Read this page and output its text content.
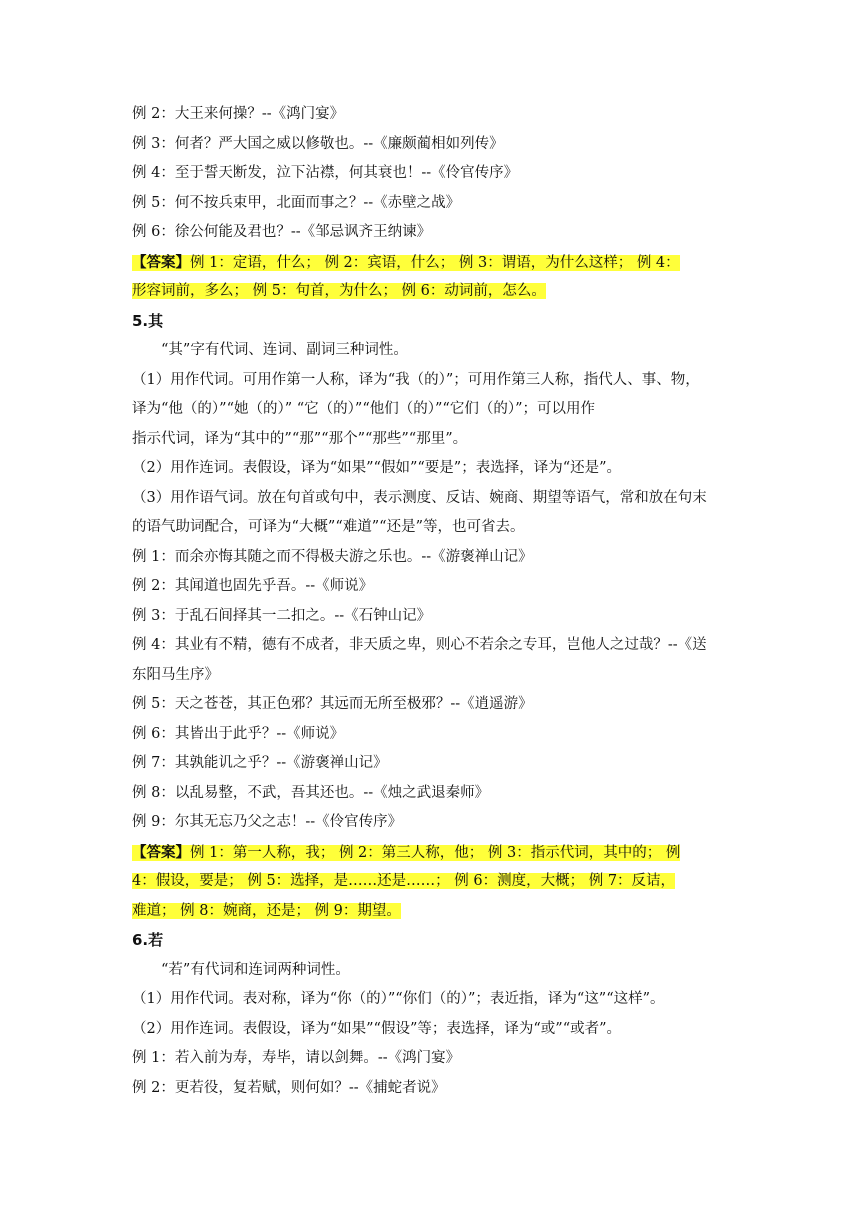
例 2：大王来何操？--《鸿门宴》
例 3：何者？严大国之威以修敬也。--《廉颇蔺相如列传》
例 4：至于誓天断发，泣下沾襟，何其衰也！--《伶官传序》
例 5：何不按兵束甲，北面而事之？--《赤壁之战》
例 6：徐公何能及君也？--《邹忌讽齐王纳谏》
【答案】例 1：定语，什么； 例 2：宾语，什么； 例 3：谓语，为什么这样； 例 4：
形容词前，多么； 例 5：句首，为什么； 例 6：动词前，怎么。
5.其
“其”字有代词、连词、副词三种词性。
（1）用作代词。可用作第一人称，译为“我（的）”；可用作第三人称，指代人、事、物，
译为“他（的）”“她（的）” “它（的）”“他们（的）”“它们（的）”；可以用作
指示代词，译为“其中的”“那”“那个”“那些”“那里”。
（2）用作连词。表假设，译为“如果”“假如”“要是”；表选择，译为“还是”。
（3）用作语气词。放在句首或句中，表示测度、反诘、婉商、期望等语气，常和放在句末
的语气助词配合，可译为“大概”“难道”“还是”等，也可省去。
例 1：而余亦悔其随之而不得极夫游之乐也。--《游褒禅山记》
例 2：其闻道也固先乎吾。--《师说》
例 3：于乱石间择其一二扣之。--《石钟山记》
例 4：其业有不精，德有不成者，非天质之卑，则心不若余之专耳，岂他人之过哉？--《送
东阳马生序》
例 5：天之苍苍，其正色邪？其远而无所至极邪？--《逍遥游》
例 6：其皆出于此乎？--《师说》
例 7：其孰能讥之乎？--《游褒禅山记》
例 8：以乱易整，不武，吾其还也。--《烛之武退秦师》
例 9：尔其无忘乃父之志！--《伶官传序》
【答案】例 1：第一人称，我； 例 2：第三人称，他； 例 3：指示代词，其中的； 例
4：假设，要是； 例 5：选择，是……还是……； 例 6：测度，大概； 例 7：反诘，
难道； 例 8：婉商，还是； 例 9：期望。
6.若
“若”有代词和连词两种词性。
（1）用作代词。表对称，译为“你（的）”“你们（的）”；表近指，译为“这”“这样”。
（2）用作连词。表假设，译为“如果”“假设”等；表选择，译为“或”“或者”。
例 1：若入前为寿，寿毕，请以剑舞。--《鸿门宴》
例 2：更若役，复若赋，则何如？--《捕蛇者说》
